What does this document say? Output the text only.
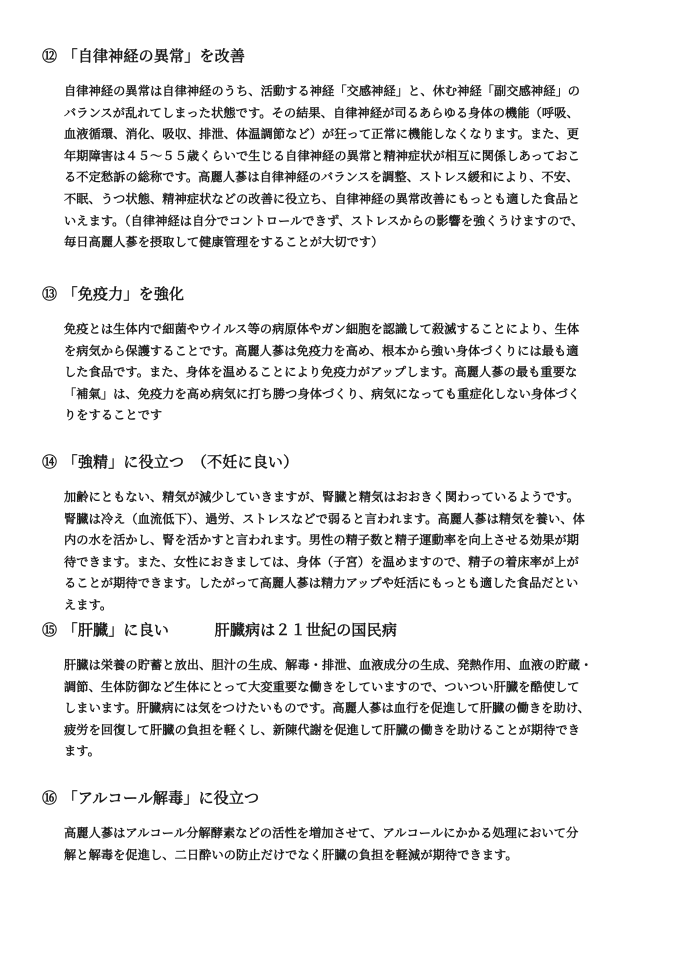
⑫ 「自律神経の異常」を改善

自律神経の異常は自律神経のうち、活動する神経「交感神経」と、休む神経「副交感神経」の

バランスが乱れてしまった状態です。その結果、自律神経が司るあらゆる身体の機能（呼吸、

血液循環、消化、吸収、排泄、体温調節など）が狂って正常に機能しなくなります。また、更

年期障害は４５～５５歳くらいで生じる自律神経の異常と精神症状が相互に関係しあっておこ

る不定愁訴の総称です。高麗人蔘は自律神経のバランスを調整、ストレス緩和により、不安、

不眠、うつ状態、精神症状などの改善に役立ち、自律神経の異常改善にもっとも適した食品と

いえます。（自律神経は自分でコントロールできず、ストレスからの影響を強くうけますので、

毎日高麗人蔘を摂取して健康管理をすることが大切です）

⑬ 「免疫力」を強化

免疫とは生体内で細菌やウイルス等の病原体やガン細胞を認識して殺滅することにより、生体

を病気から保護することです。高麗人蔘は免疫力を高め、根本から強い身体づくりには最も適

した食品です。また、身体を温めることにより免疫力がアップします。高麗人蔘の最も重要な

「補氣」は、免疫力を高め病気に打ち勝つ身体づくり、病気になっても重症化しない身体づく

りをすることです

⑭ 「強精」に役立つ　（不妊に良い）

加齢にともない、精気が減少していきますが、腎臓と精気はおおきく関わっているようです。

腎臓は冷え（血流低下）、過労、ストレスなどで弱ると言われます。高麗人蔘は精気を養い、体

内の水を活かし、腎を活かすと言われます。男性の精子数と精子運動率を向上させる効果が期

待できます。また、女性におきましては、身体（子宮）を温めますので、精子の着床率が上が

ることが期待できます。したがって高麗人蔘は精力アップや妊活にもっとも適した食品だとい

えます。

⑮ 「肝臓」に良い　　　肝臓病は２１世紀の国民病

肝臓は栄養の貯蓄と放出、胆汁の生成、解毒・排泄、血液成分の生成、発熱作用、血液の貯蔵・

調節、生体防御など生体にとって大変重要な働きをしていますので、ついつい肝臓を酷使して

しまいます。肝臓病には気をつけたいものです。高麗人蔘は血行を促進して肝臓の働きを助け、

疲労を回復して肝臓の負担を軽くし、新陳代謝を促進して肝臓の働きを助けることが期待でき

ます。

⑯ 「アルコール解毒」に役立つ

高麗人蔘はアルコール分解酵素などの活性を増加させて、アルコールにかかる処理において分

解と解毒を促進し、二日酔いの防止だけでなく肝臓の負担を軽減が期待できます。
